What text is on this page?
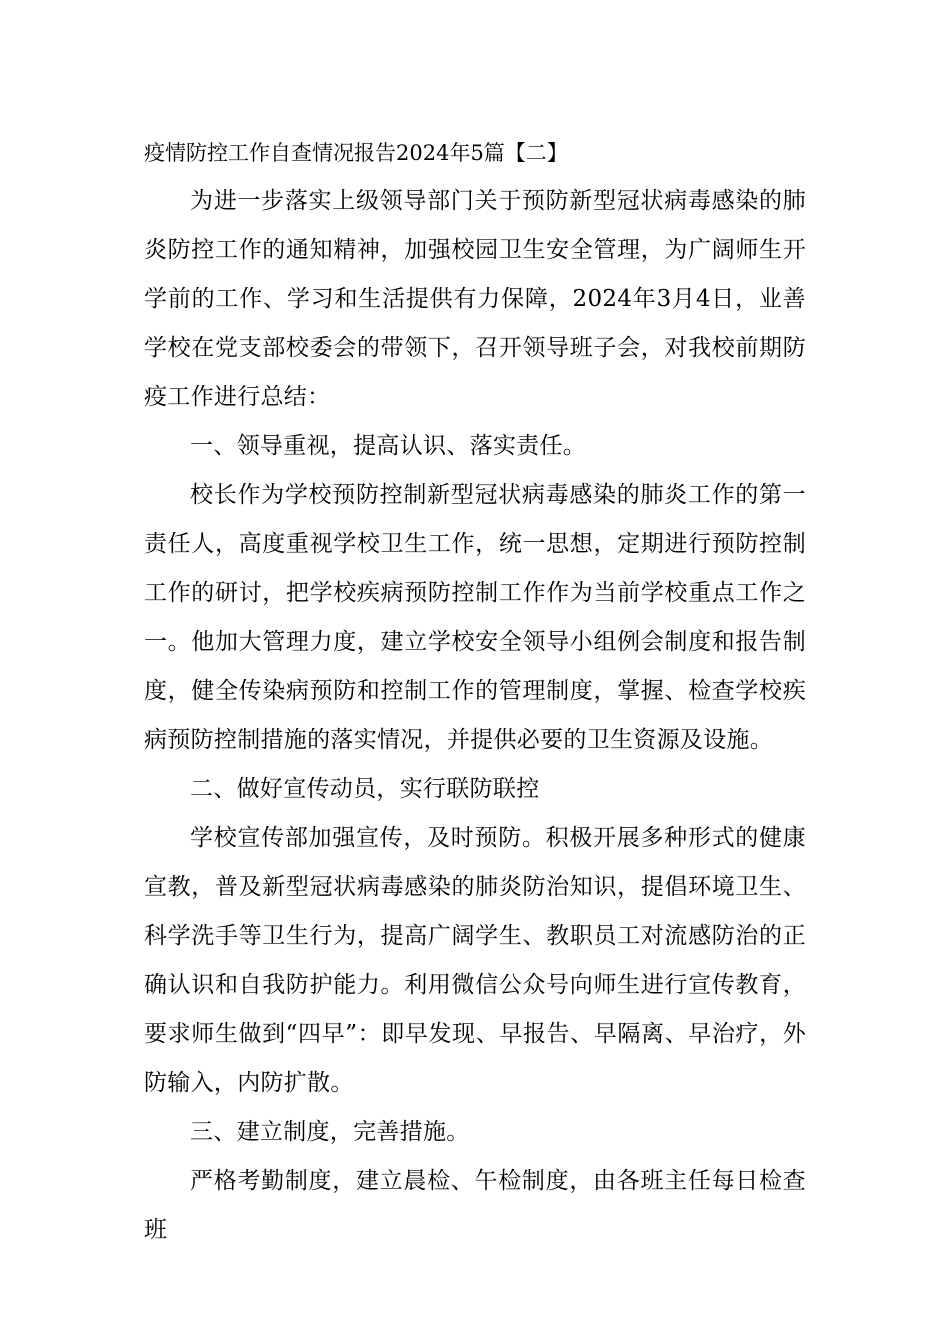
疫情防控工作自查情况报告2024年5篇【二】

为进一步落实上级领导部门关于预防新型冠状病毒感染的肺炎防控工作的通知精神，加强校园卫生安全管理，为广阔师生开学前的工作、学习和生活提供有力保障，2024年3月4日，业善学校在党支部校委会的带领下，召开领导班子会，对我校前期防疫工作进行总结：

一、领导重视，提高认识、落实责任。

校长作为学校预防控制新型冠状病毒感染的肺炎工作的第一责任人，高度重视学校卫生工作，统一思想，定期进行预防控制工作的研讨，把学校疾病预防控制工作作为当前学校重点工作之一。他加大管理力度，建立学校安全领导小组例会制度和报告制度，健全传染病预防和控制工作的管理制度，掌握、检查学校疾病预防控制措施的落实情况，并提供必要的卫生资源及设施。

二、做好宣传动员，实行联防联控

学校宣传部加强宣传，及时预防。积极开展多种形式的健康宣教，普及新型冠状病毒感染的肺炎防治知识，提倡环境卫生、科学洗手等卫生行为，提高广阔学生、教职员工对流感防治的正确认识和自我防护能力。利用微信公众号向师生进行宣传教育，要求师生做到“四早”：即早发现、早报告、早隔离、早治疗，外防输入，内防扩散。

三、建立制度，完善措施。

严格考勤制度，建立晨检、午检制度，由各班主任每日检查班
